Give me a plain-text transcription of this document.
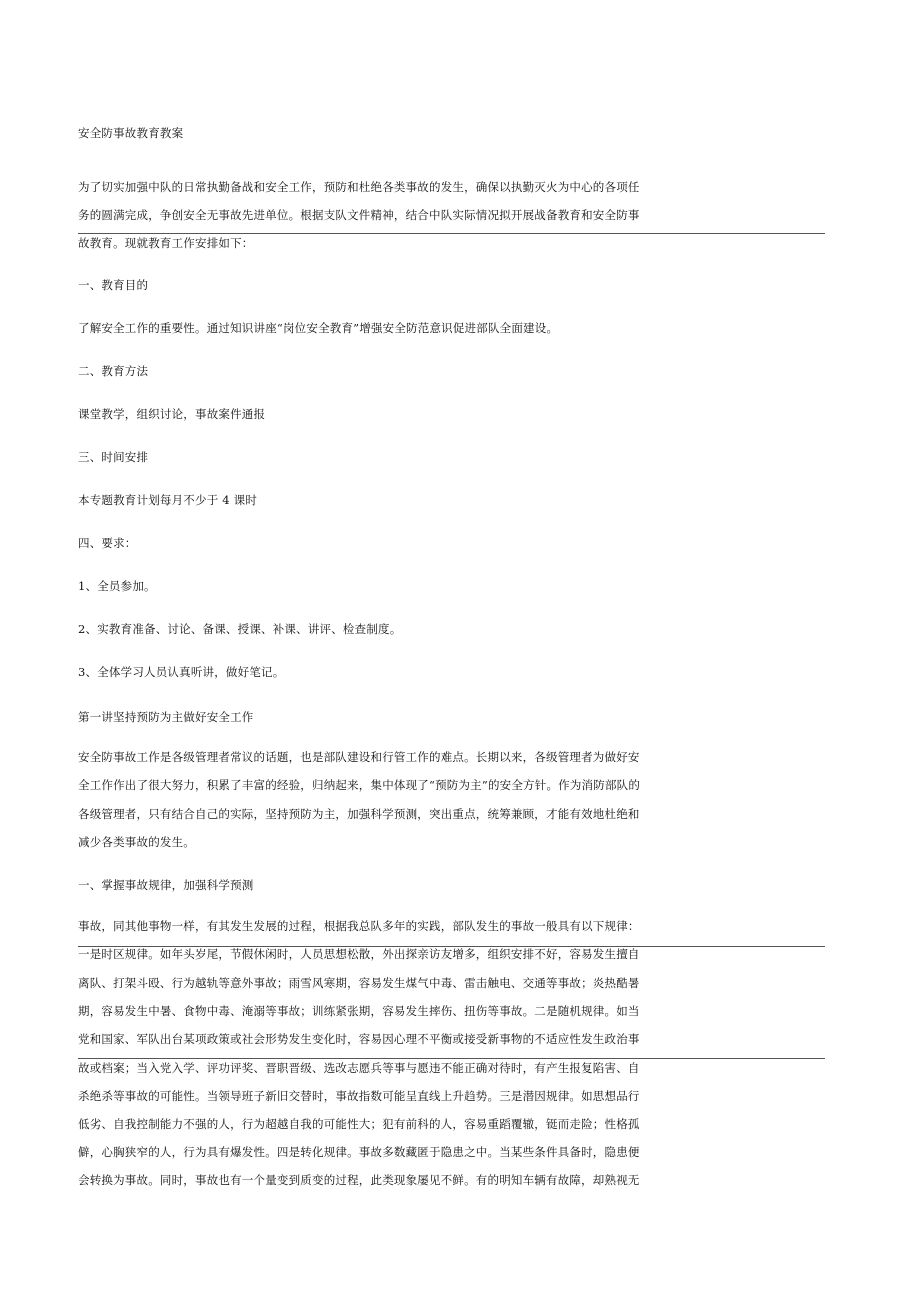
安全防事故教育教案
为了切实加强中队的日常执勤备战和安全工作，预防和杜绝各类事故的发生，确保以执勤灭火为中心的各项任
务的圆满完成，争创安全无事故先进单位。根据支队文件精神，结合中队实际情况拟开展战备教育和安全防事
故教育。现就教育工作安排如下：
一、教育目的
了解安全工作的重要性。通过知识讲座“岗位安全教育”增强安全防范意识促进部队全面建设。
二、教育方法
课堂教学，组织讨论，事故案件通报
三、时间安排
本专题教育计划每月不少于 4 课时
四、要求：
1、全员参加。
2、实教育准备、讨论、备课、授课、补课、讲评、检查制度。
3、全体学习人员认真听讲，做好笔记。
第一讲坚持预防为主做好安全工作
安全防事故工作是各级管理者常议的话题，也是部队建设和行管工作的难点。长期以来，各级管理者为做好安
全工作作出了很大努力，积累了丰富的经验，归纳起来，集中体现了“预防为主”的安全方针。作为消防部队的
各级管理者，只有结合自己的实际，坚持预防为主，加强科学预测，突出重点，统筹兼顾，才能有效地杜绝和
减少各类事故的发生。
一、掌握事故规律，加强科学预测
事故，同其他事物一样，有其发生发展的过程，根据我总队多年的实践，部队发生的事故一般具有以下规律：
一是时区规律。如年头岁尾，节假休闲时，人员思想松散，外出探亲访友增多，组织安排不好，容易发生擅自
离队、打架斗殴、行为越轨等意外事故；雨雪风寒期，容易发生煤气中毒、雷击触电、交通等事故；炎热酷暑
期，容易发生中暑、食物中毒、淹溺等事故；训练紧张期，容易发生摔伤、扭伤等事故。二是随机规律。如当
党和国家、军队出台某项政策或社会形势发生变化时，容易因心理不平衡或接受新事物的不适应性发生政治事
故或档案；当入党入学、评功评奖、晋职晋级、选改志愿兵等事与愿违不能正确对待时，有产生报复陷害、自
杀绝杀等事故的可能性。当领导班子新旧交替时，事故指数可能呈直线上升趋势。三是潜因规律。如思想品行
低劣、自我控制能力不强的人，行为超越自我的可能性大；犯有前科的人，容易重蹈覆辙，铤而走险；性格孤
僻，心胸狭窄的人，行为具有爆发性。四是转化规律。事故多数藏匿于隐患之中。当某些条件具备时，隐患便
会转换为事故。同时，事故也有一个量变到质变的过程，此类现象屡见不鲜。有的明知车辆有故障，却熟视无
